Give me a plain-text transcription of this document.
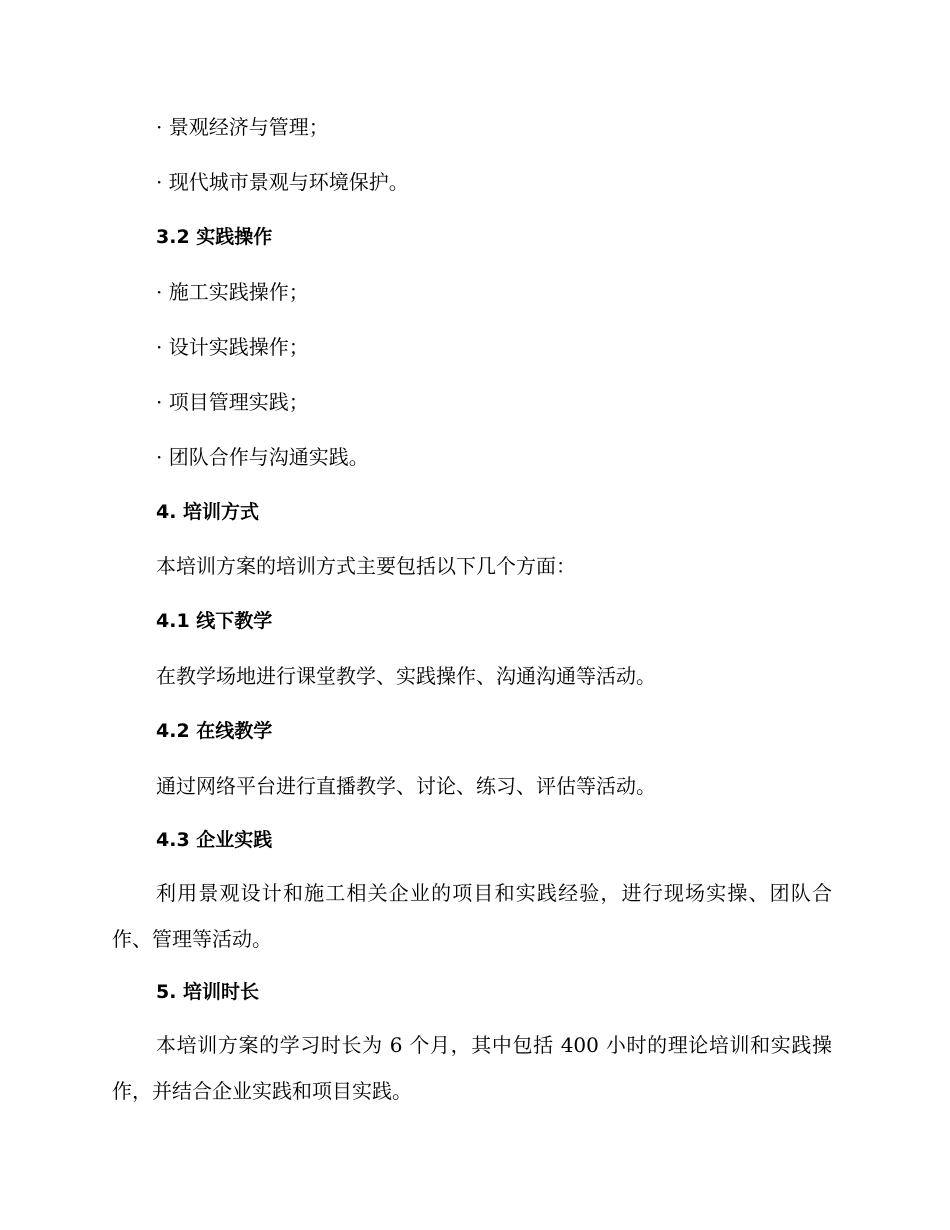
· 景观经济与管理；
· 现代城市景观与环境保护。
3.2 实践操作
· 施工实践操作；
· 设计实践操作；
· 项目管理实践；
· 团队合作与沟通实践。
4. 培训方式
本培训方案的培训方式主要包括以下几个方面：
4.1 线下教学
在教学场地进行课堂教学、实践操作、沟通沟通等活动。
4.2 在线教学
通过网络平台进行直播教学、讨论、练习、评估等活动。
4.3 企业实践
利用景观设计和施工相关企业的项目和实践经验，进行现场实操、团队合作、管理等活动。
5. 培训时长
本培训方案的学习时长为 6 个月，其中包括 400 小时的理论培训和实践操作，并结合企业实践和项目实践。
